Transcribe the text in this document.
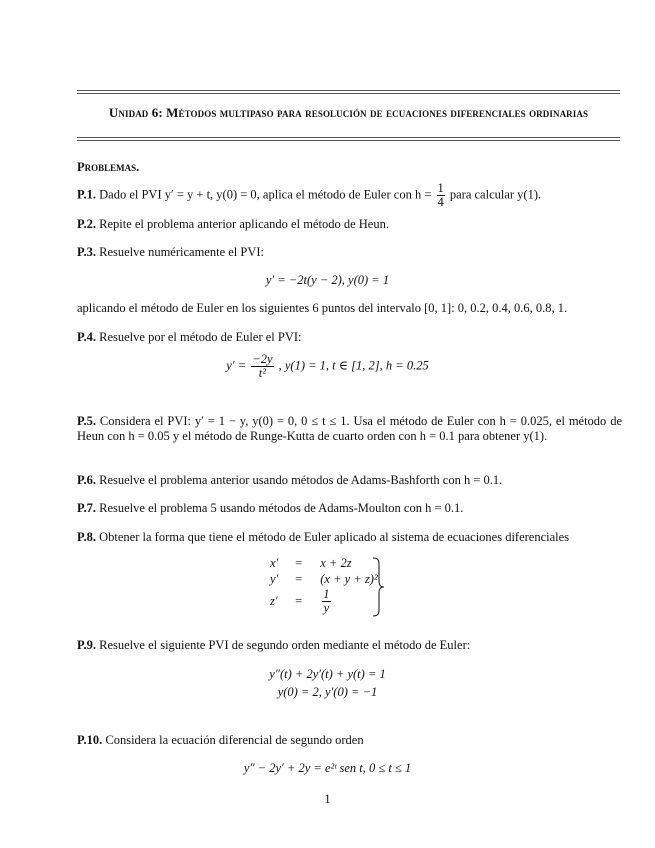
Unidad 6: Métodos multipaso para resolución de ecuaciones diferenciales ordinarias
Problemas.
P.1. Dado el PVI y′ = y + t, y(0) = 0, aplica el método de Euler con $h = \frac{1}{4}$ para calcular y(1).
P.2. Repite el problema anterior aplicando el método de Heun.
P.3. Resuelve numéricamente el PVI:
y′ = −2t(y − 2), y(0) = 1
aplicando el método de Euler en los siguientes 6 puntos del intervalo [0, 1]: 0, 0.2, 0.4, 0.6, 0.8, 1.
P.4. Resuelve por el método de Euler el PVI:
$y' = \frac{-2y}{\text{t²}}$ , y(1) = 1, t ∈ [1, 2], h = 0.25
P.5. Considera el PVI: y′ = 1 − y, y(0) = 0, 0 ≤ t ≤ 1. Usa el método de Euler con h = 0.025, el método de Heun con h = 0.05 y el método de Runge-Kutta de cuarto orden con h = 0.1 para obtener y(1).
P.6. Resuelve el problema anterior usando métodos de Adams-Bashforth con h = 0.1.
P.7. Resuelve el problema 5 usando métodos de Adams-Moulton con h = 0.1.
P.8. Obtener la forma que tiene el método de Euler aplicado al sistema de ecuaciones diferenciales
x′ = x + 2z
y′ = (x + y + z)²
$z' = \frac{1}{y}$
P.9. Resuelve el siguiente PVI de segundo orden mediante el método de Euler:
y″(t) + 2y′(t) + y(t) = 1
y(0) = 2, y′(0) = −1
P.10. Considera la ecuación diferencial de segundo orden
y″ − 2y′ + 2y = e²ᵗ sen t, 0 ≤ t ≤ 1
1
